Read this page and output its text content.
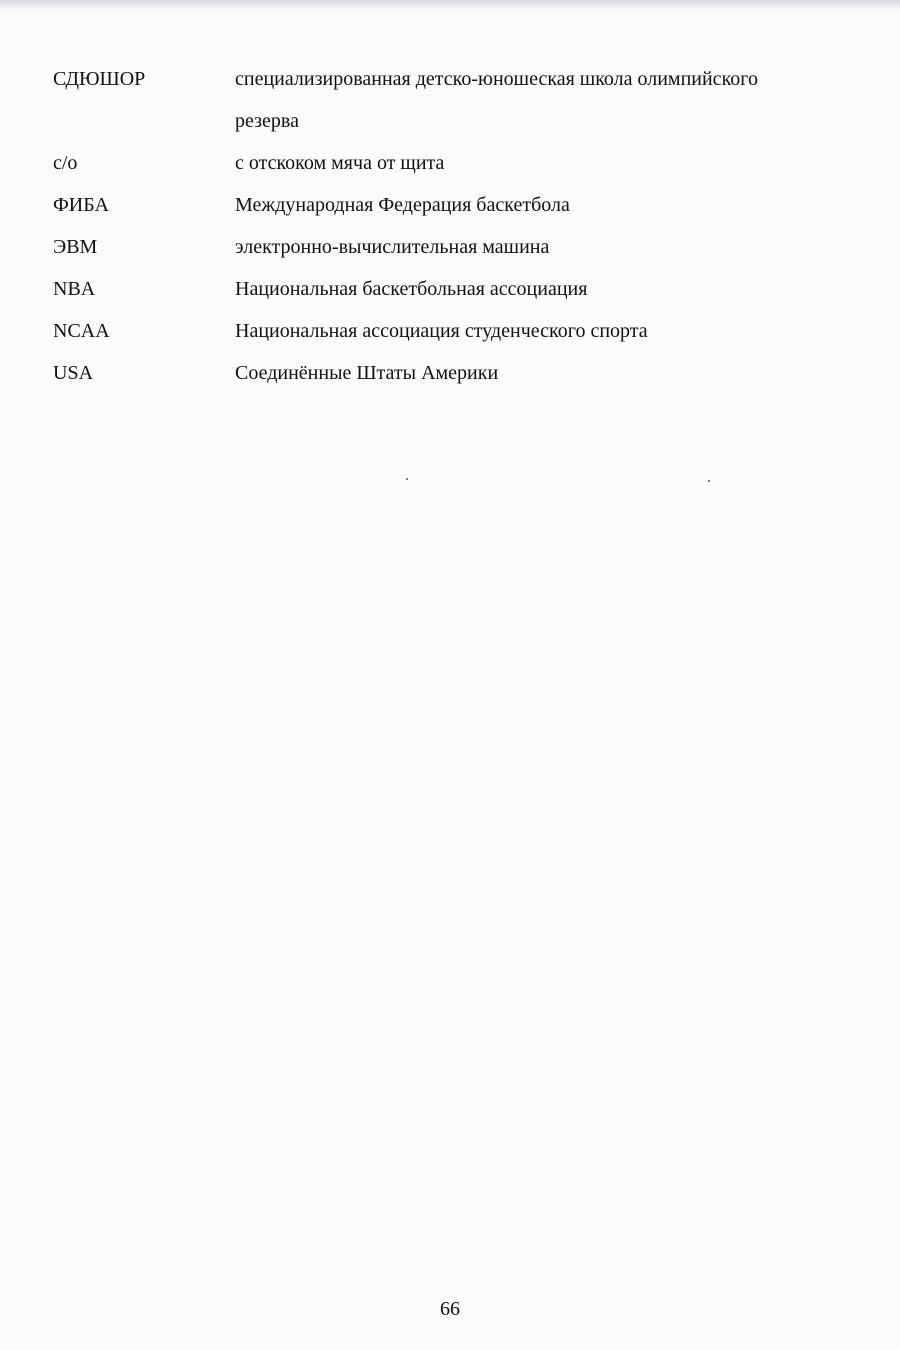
СДЮШОР	специализированная детско-юношеская школа олимпийского
резерва
с/о	с отскоком мяча от щита
ФИБА	Международная Федерация баскетбола
ЭВМ	электронно-вычислительная машина
NBA	Национальная баскетбольная ассоциация
NCAA	Национальная ассоциация студенческого спорта
USA	Соединённые Штаты Америки
66
